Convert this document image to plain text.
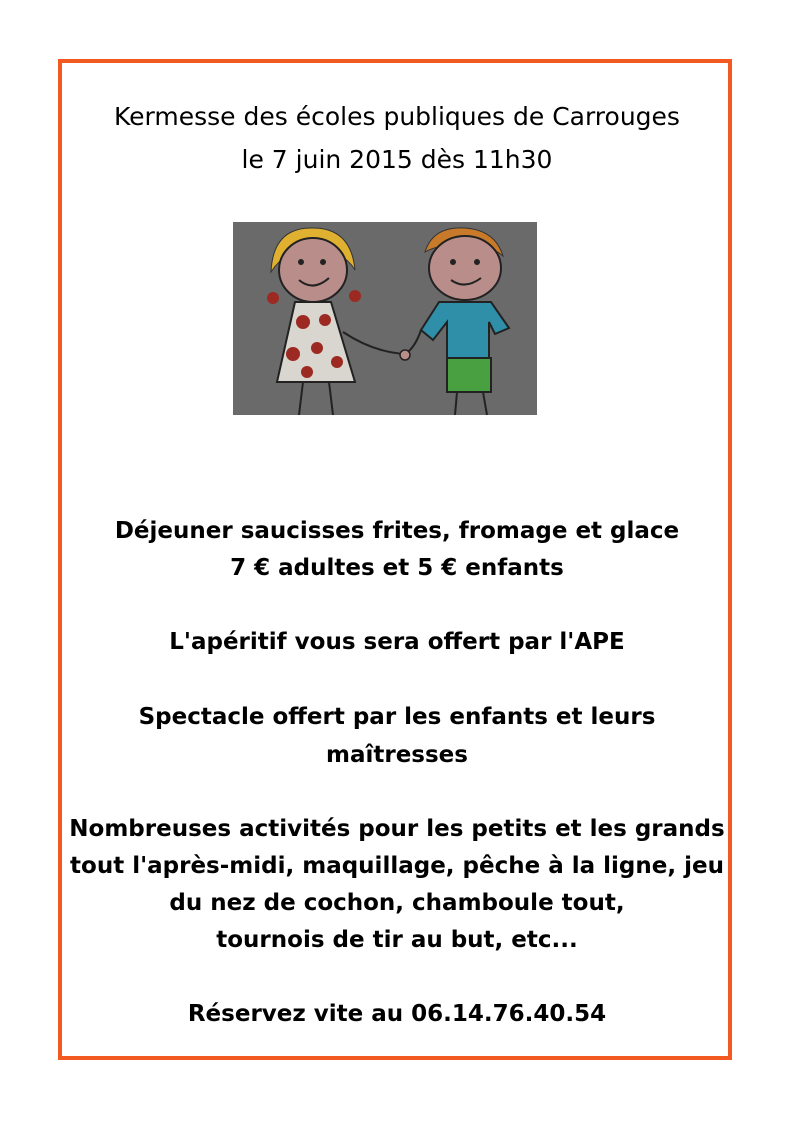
Kermesse des écoles publiques de Carrouges
le 7 juin 2015 dès 11h30
Déjeuner saucisses frites, fromage et glace
7 € adultes et 5 € enfants
L'apéritif vous sera offert par l'APE
Spectacle offert par les enfants et leurs
maîtresses
Nombreuses activités pour les petits et les grands
tout l'après-midi, maquillage, pêche à la ligne, jeu
du nez de cochon, chamboule tout,
tournois de tir au but, etc...
Réservez vite au 06.14.76.40.54
